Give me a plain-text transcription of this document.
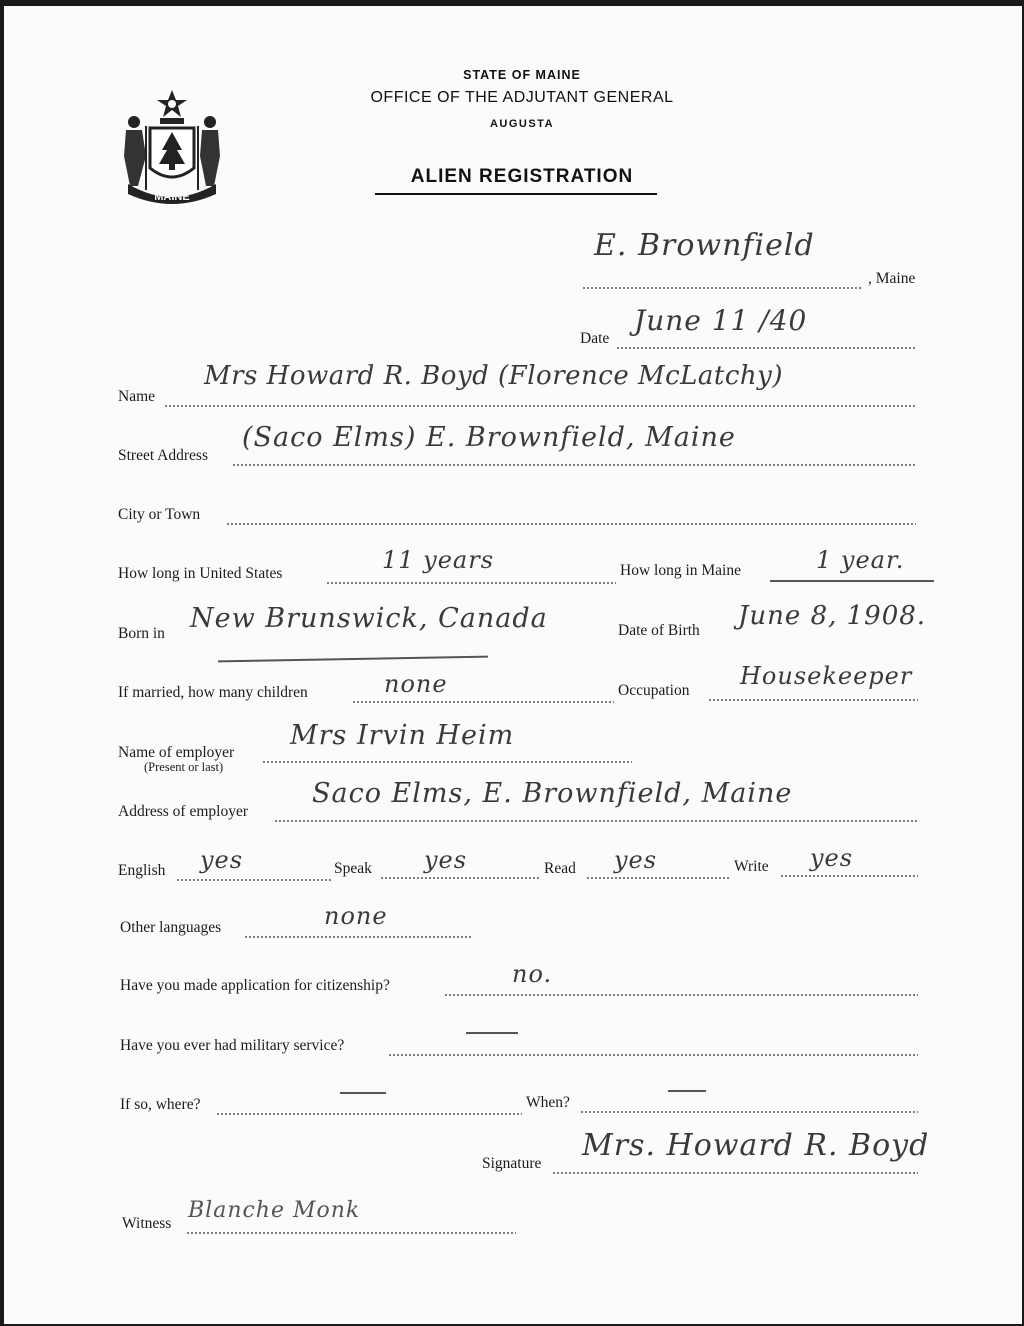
MAINE
STATE OF MAINE
OFFICE OF THE ADJUTANT GENERAL
AUGUSTA
ALIEN REGISTRATION
E. Brownfield
, Maine
Date
June 11 /40
Name
Mrs Howard R. Boyd (Florence McLatchy)
Street Address
(Saco Elms) E. Brownfield, Maine
City or Town
How long in United States	11 years	How long in Maine	1 year.
Born in New Brunswick, Canada	Date of Birth June 8, 1908.
If married, how many children	none	Occupation
Housekeeper
Name of employer
(Present or last)
Mrs Irvin Heim
Address of employer
Saco Elms, E. Brownfield, Maine
English yes	Speak yes	Read yes	Write yes
Other languages	none
Have you made application for citizenship?	no.
Have you ever had military service?
If so, where?	When?
Signature
Mrs. Howard R. Boyd
Witness
Blanche Monk
